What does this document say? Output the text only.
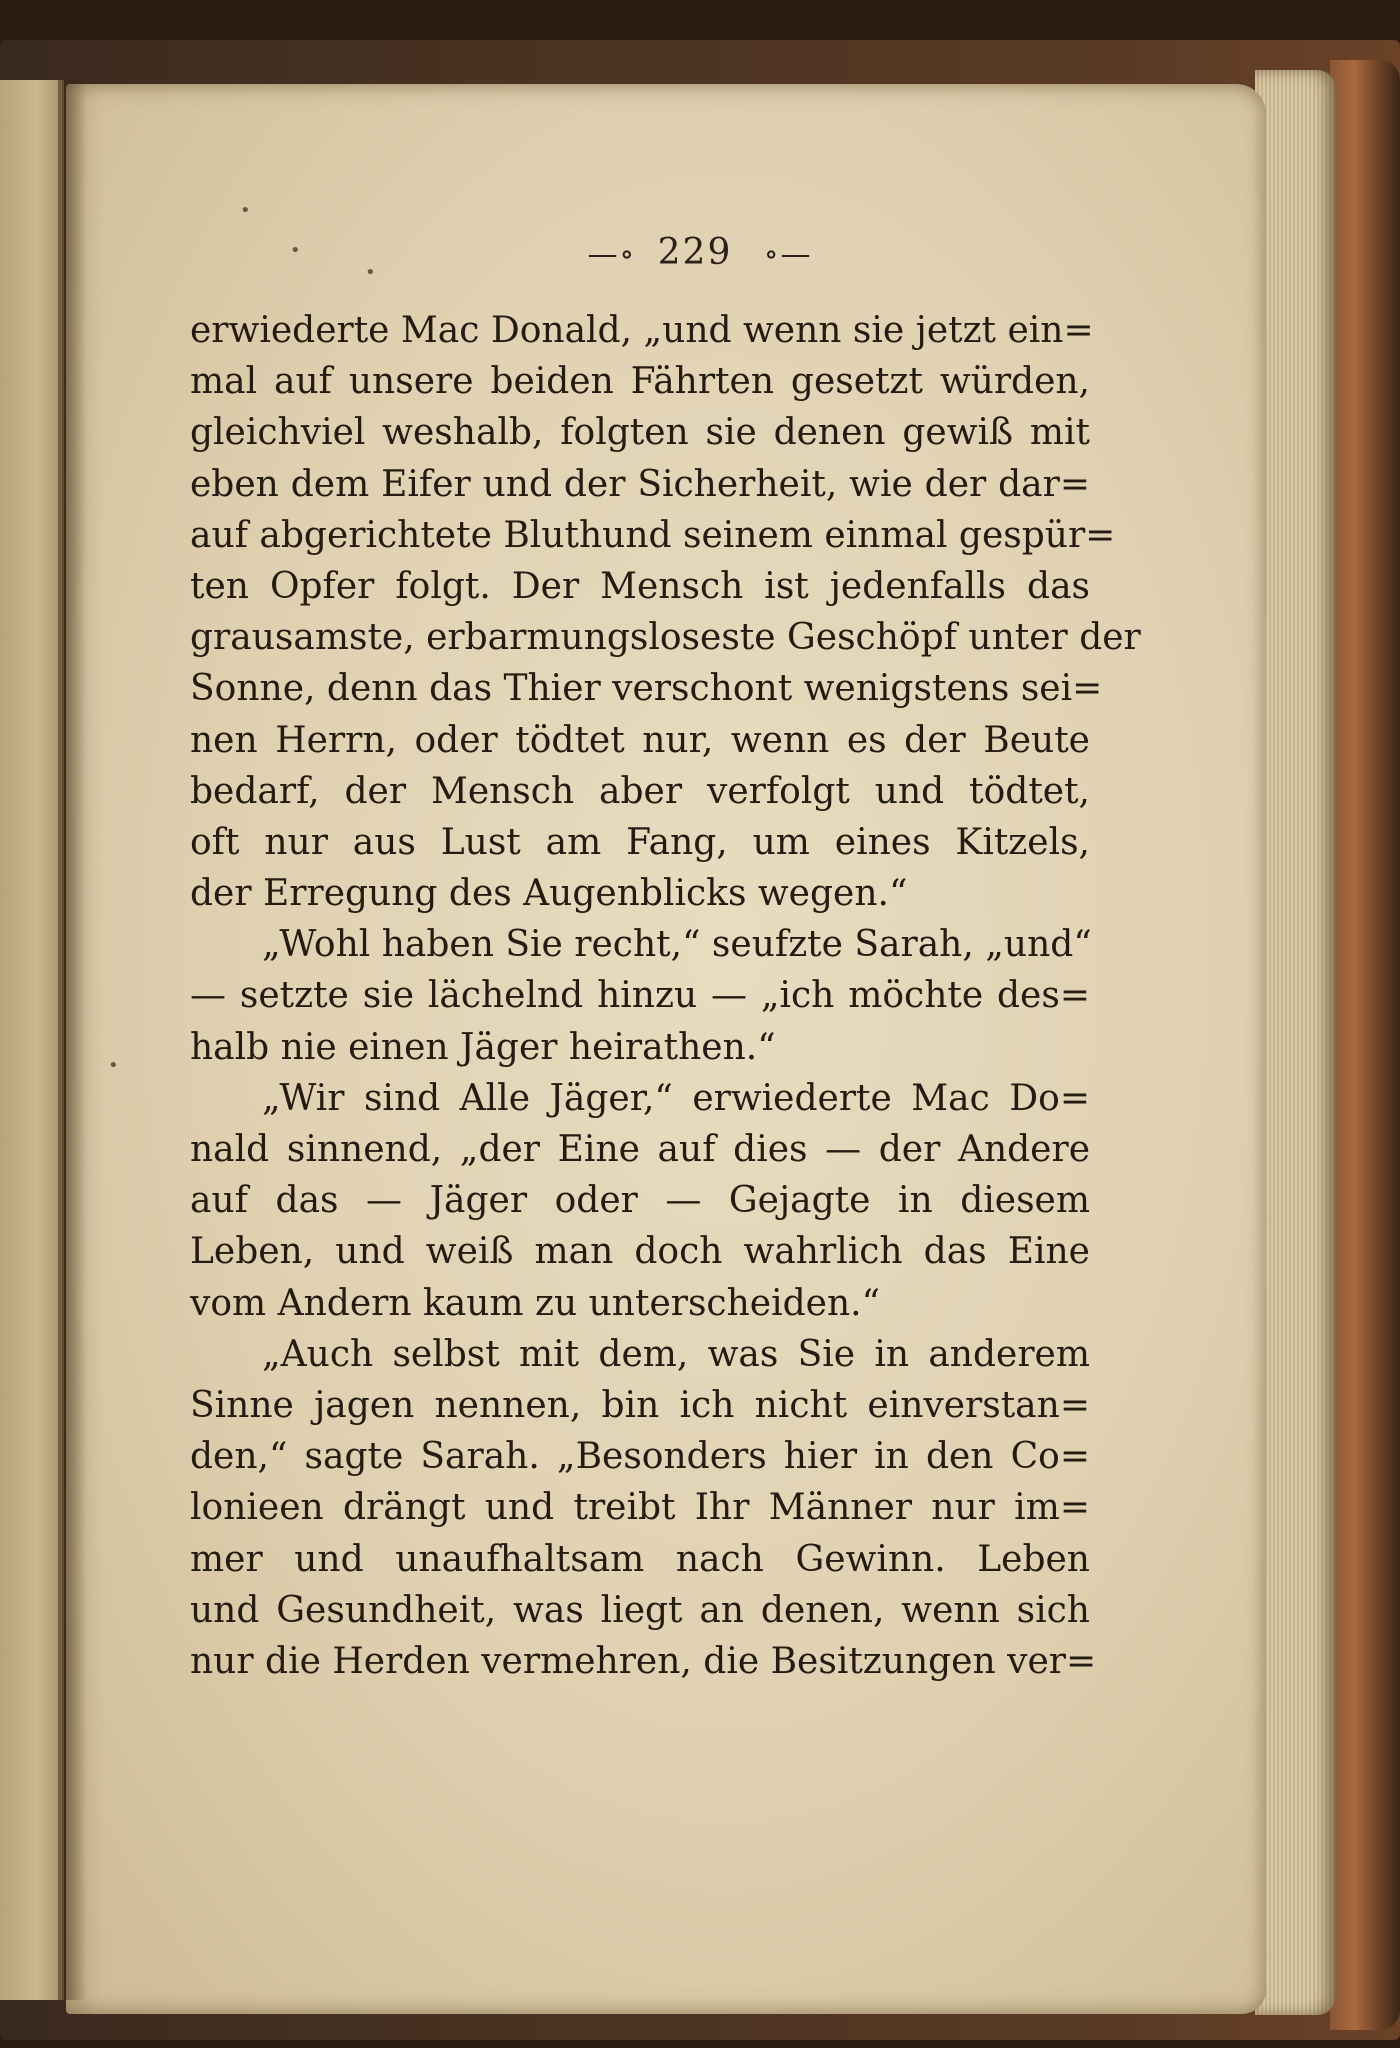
—∘ 229 ∘—
•
•
•
•
erwiederte Mac Donald, „und wenn sie jetzt ein=
mal auf unsere beiden Fährten gesetzt würden,
gleichviel weshalb, folgten sie denen gewiß mit
eben dem Eifer und der Sicherheit, wie der dar=
auf abgerichtete Bluthund seinem einmal gespür=
ten Opfer folgt. Der Mensch ist jedenfalls das
grausamste, erbarmungsloseste Geschöpf unter der
Sonne, denn das Thier verschont wenigstens sei=
nen Herrn, oder tödtet nur, wenn es der Beute
bedarf, der Mensch aber verfolgt und tödtet,
oft nur aus Lust am Fang, um eines Kitzels,
der Erregung des Augenblicks wegen.“
„Wohl haben Sie recht,“ seufzte Sarah, „und“
— setzte sie lächelnd hinzu — „ich möchte des=
halb nie einen Jäger heirathen.“
„Wir sind Alle Jäger,“ erwiederte Mac Do=
nald sinnend, „der Eine auf dies — der Andere
auf das — Jäger oder — Gejagte in diesem
Leben, und weiß man doch wahrlich das Eine
vom Andern kaum zu unterscheiden.“
„Auch selbst mit dem, was Sie in anderem
Sinne jagen nennen, bin ich nicht einverstan=
den,“ sagte Sarah. „Besonders hier in den Co=
lonieen drängt und treibt Ihr Männer nur im=
mer und unaufhaltsam nach Gewinn. Leben
und Gesundheit, was liegt an denen, wenn sich
nur die Herden vermehren, die Besitzungen ver=
